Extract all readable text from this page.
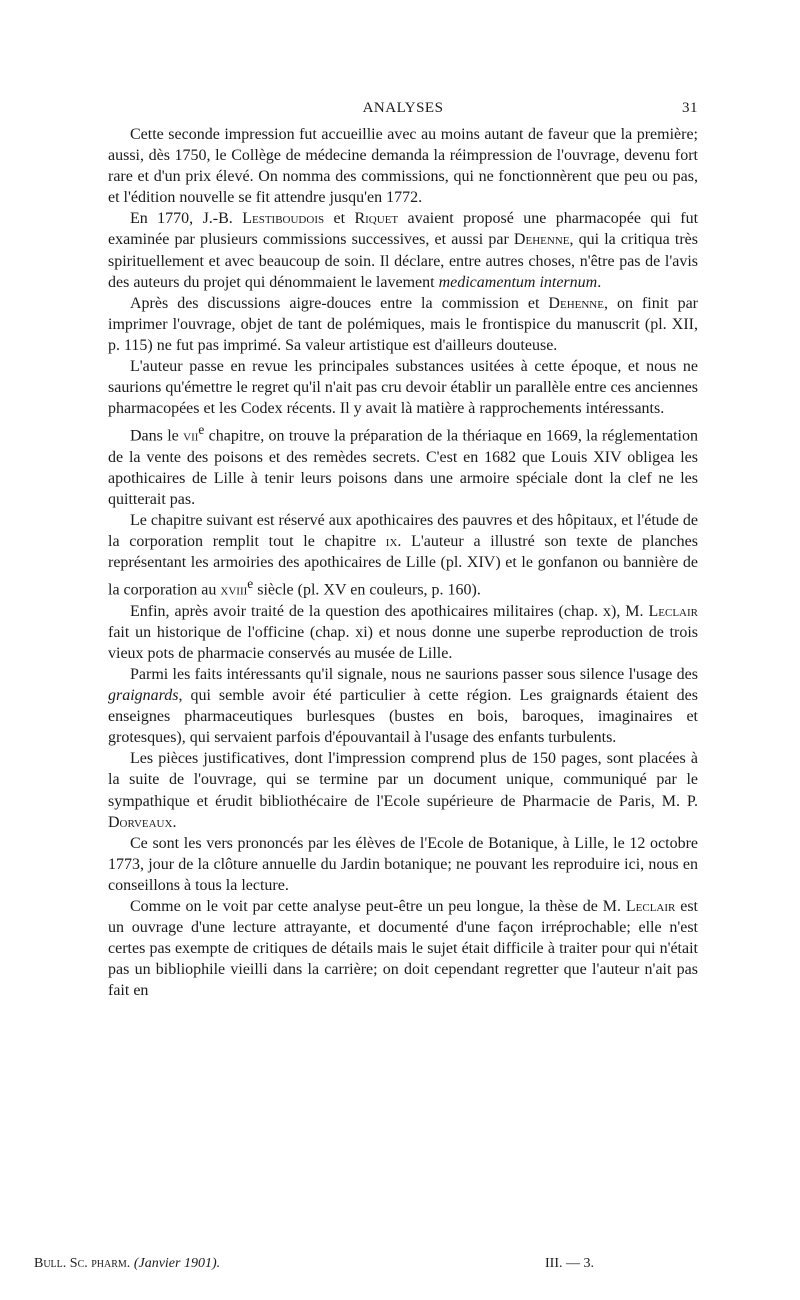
ANALYSES	31

Cette seconde impression fut accueillie avec au moins autant de faveur que la première; aussi, dès 1750, le Collège de médecine demanda la réimpression de l'ouvrage, devenu fort rare et d'un prix élevé. On nomma des commissions, qui ne fonctionnèrent que peu ou pas, et l'édition nouvelle se fit attendre jusqu'en 1772.

En 1770, J.-B. Lestiboudois et Riquet avaient proposé une pharmacopée qui fut examinée par plusieurs commissions successives, et aussi par Dehenne, qui la critiqua très spirituellement et avec beaucoup de soin. Il déclare, entre autres choses, n'être pas de l'avis des auteurs du projet qui dénommaient le lavement medicamentum internum.

Après des discussions aigre-douces entre la commission et Dehenne, on finit par imprimer l'ouvrage, objet de tant de polémiques, mais le frontispice du manuscrit (pl. XII, p. 115) ne fut pas imprimé. Sa valeur artistique est d'ailleurs douteuse.

L'auteur passe en revue les principales substances usitées à cette époque, et nous ne saurions qu'émettre le regret qu'il n'ait pas cru devoir établir un parallèle entre ces anciennes pharmacopées et les Codex récents. Il y avait là matière à rapprochements intéressants.

Dans le vii$^e$ chapitre, on trouve la préparation de la thériaque en 1669, la réglementation de la vente des poisons et des remèdes secrets. C'est en 1682 que Louis XIV obligea les apothicaires de Lille à tenir leurs poisons dans une armoire spéciale dont la clef ne les quitterait pas.

Le chapitre suivant est réservé aux apothicaires des pauvres et des hôpitaux, et l'étude de la corporation remplit tout le chapitre ix. L'auteur a illustré son texte de planches représentant les armoiries des apothicaires de Lille (pl. XIV) et le gonfanon ou bannière de la corporation au xviii$^e$ siècle (pl. XV en couleurs, p. 160).

Enfin, après avoir traité de la question des apothicaires militaires (chap. x), M. Leclair fait un historique de l'officine (chap. xi) et nous donne une superbe reproduction de trois vieux pots de pharmacie conservés au musée de Lille.

Parmi les faits intéressants qu'il signale, nous ne saurions passer sous silence l'usage des graignards, qui semble avoir été particulier à cette région. Les graignards étaient des enseignes pharmaceutiques burlesques (bustes en bois, baroques, imaginaires et grotesques), qui servaient parfois d'épouvantail à l'usage des enfants turbulents.

Les pièces justificatives, dont l'impression comprend plus de 150 pages, sont placées à la suite de l'ouvrage, qui se termine par un document unique, communiqué par le sympathique et érudit bibliothécaire de l'Ecole supérieure de Pharmacie de Paris, M. P. Dorveaux.

Ce sont les vers prononcés par les élèves de l'Ecole de Botanique, à Lille, le 12 octobre 1773, jour de la clôture annuelle du Jardin botanique; ne pouvant les reproduire ici, nous en conseillons à tous la lecture.

Comme on le voit par cette analyse peut-être un peu longue, la thèse de M. Leclair est un ouvrage d'une lecture attrayante, et documenté d'une façon irréprochable; elle n'est certes pas exempte de critiques de détails mais le sujet était difficile à traiter pour qui n'était pas un bibliophile vieilli dans la carrière; on doit cependant regretter que l'auteur n'ait pas fait en

Bull. Sc. pharm. (Janvier 1901).	III. — 3.
